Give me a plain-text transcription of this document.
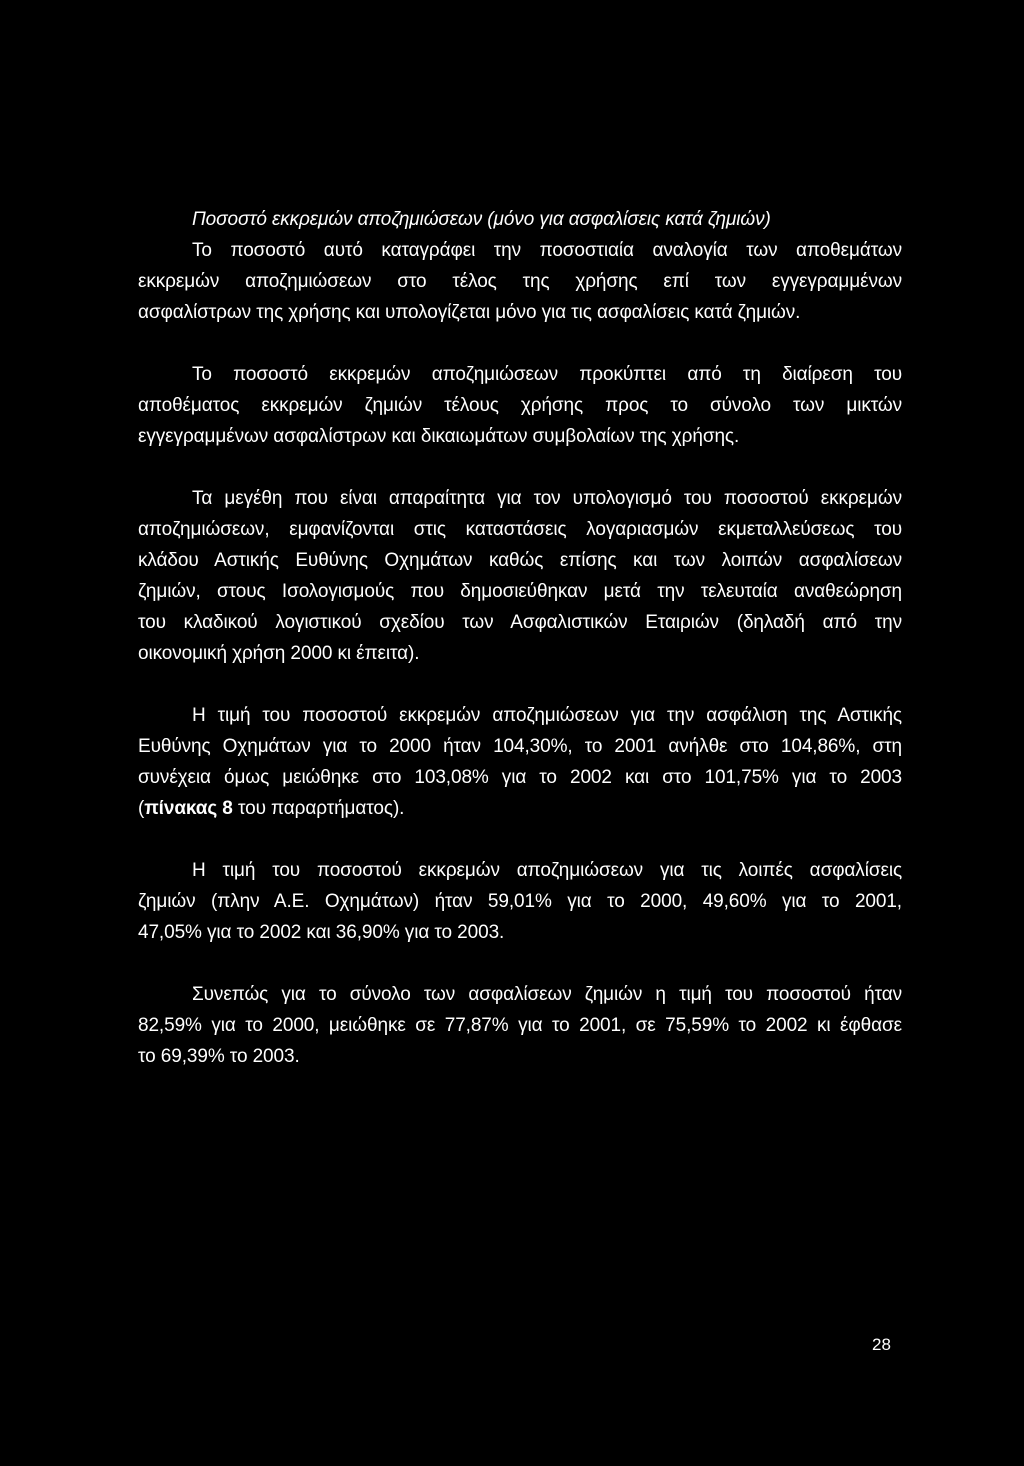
Ποσοστό εκκρεμών αποζημιώσεων (μόνο για ασφαλίσεις κατά ζημιών)
Το ποσοστό αυτό καταγράφει την ποσοστιαία αναλογία των αποθεμάτων
εκκρεμών αποζημιώσεων στο τέλος της χρήσης επί των εγγεγραμμένων
ασφαλίστρων της χρήσης και υπολογίζεται μόνο για τις ασφαλίσεις κατά ζημιών.
Το ποσοστό εκκρεμών αποζημιώσεων προκύπτει από τη διαίρεση του
αποθέματος εκκρεμών ζημιών τέλους χρήσης προς το σύνολο των μικτών
εγγεγραμμένων ασφαλίστρων και δικαιωμάτων συμβολαίων της χρήσης.
Τα μεγέθη που είναι απαραίτητα για τον υπολογισμό του ποσοστού εκκρεμών
αποζημιώσεων, εμφανίζονται στις καταστάσεις λογαριασμών εκμεταλλεύσεως του
κλάδου Αστικής Ευθύνης Οχημάτων καθώς επίσης και των λοιπών ασφαλίσεων
ζημιών, στους Ισολογισμούς που δημοσιεύθηκαν μετά την τελευταία αναθεώρηση
του κλαδικού λογιστικού σχεδίου των Ασφαλιστικών Εταιριών (δηλαδή από την
οικονομική χρήση 2000 κι έπειτα).
Η τιμή του ποσοστού εκκρεμών αποζημιώσεων για την ασφάλιση της Αστικής
Ευθύνης Οχημάτων για το 2000 ήταν 104,30%, το 2001 ανήλθε στο 104,86%, στη
συνέχεια όμως μειώθηκε στο 103,08% για το 2002 και στο 101,75% για το 2003
(πίνακας 8 του παραρτήματος).
Η τιμή του ποσοστού εκκρεμών αποζημιώσεων για τις λοιπές ασφαλίσεις
ζημιών (πλην Α.Ε. Οχημάτων) ήταν 59,01% για το 2000, 49,60% για το 2001,
47,05% για το 2002 και 36,90% για το 2003.
Συνεπώς για το σύνολο των ασφαλίσεων ζημιών η τιμή του ποσοστού ήταν
82,59% για το 2000, μειώθηκε σε 77,87% για το 2001, σε 75,59% το 2002 κι έφθασε
το 69,39% το 2003.
28
